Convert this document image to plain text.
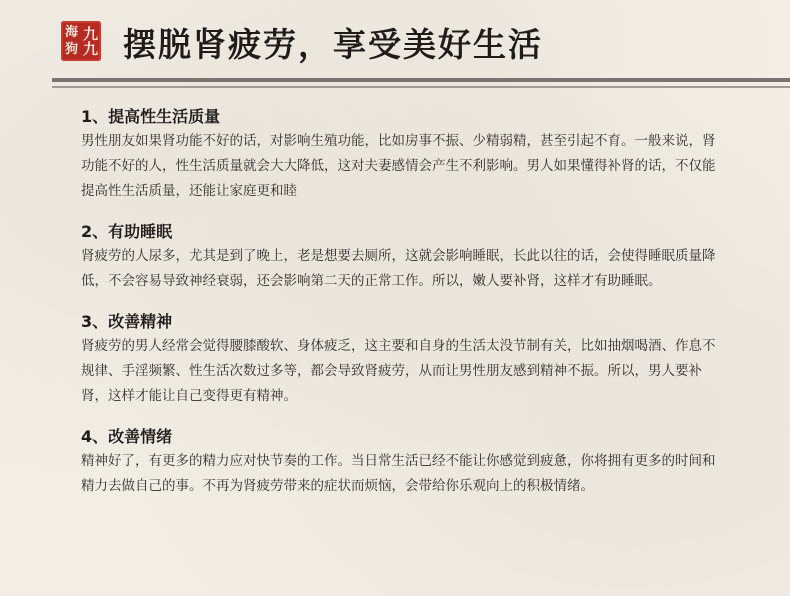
海
狗
九
九 摆脱肾疲劳，享受美好生活
1、提高性生活质量

男性朋友如果肾功能不好的话，对影响生殖功能，比如房事不振、少精弱精，甚至引起不育。一般来说，肾功能不好的人，性生活质量就会大大降低，这对夫妻感情会产生不利影响。男人如果懂得补肾的话，不仅能提高性生活质量，还能让家庭更和睦

2、有助睡眠

肾疲劳的人尿多，尤其是到了晚上，老是想要去厕所，这就会影响睡眠，长此以往的话，会使得睡眠质量降低，不会容易导致神经衰弱，还会影响第二天的正常工作。所以，嫩人要补肾，这样才有助睡眠。

3、改善精神

肾疲劳的男人经常会觉得腰膝酸软、身体疲乏，这主要和自身的生活太没节制有关，比如抽烟喝酒、作息不规律、手淫频繁、性生活次数过多等，都会导致肾疲劳，从而让男性朋友感到精神不振。所以，男人要补肾，这样才能让自己变得更有精神。

4、改善情绪

精神好了，有更多的精力应对快节奏的工作。当日常生活已经不能让你感觉到疲惫，你将拥有更多的时间和精力去做自己的事。不再为肾疲劳带来的症状而烦恼，会带给你乐观向上的积极情绪。
